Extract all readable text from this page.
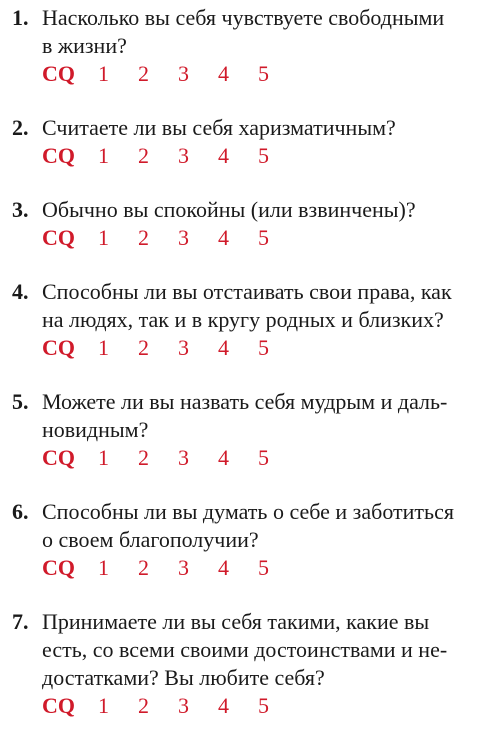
1. Насколько вы себя чувствуете свободными
в жизни?
CQ	1	2	3	4	5
2. Считаете ли вы себя харизматичным?
CQ	1	2	3	4	5
3. Обычно вы спокойны (или взвинчены)?
CQ	1	2	3	4	5
4. Способны ли вы отстаивать свои права, как
на людях, так и в кругу родных и близких?
CQ	1	2	3	4	5
5. Можете ли вы назвать себя мудрым и даль-
новидным?
CQ	1	2	3	4	5
6. Способны ли вы думать о себе и заботиться
о своем благополучии?
CQ	1	2	3	4	5
7. Принимаете ли вы себя такими, какие вы
есть, со всеми своими достоинствами и не-
достатками? Вы любите себя?
CQ	1	2	3	4	5
